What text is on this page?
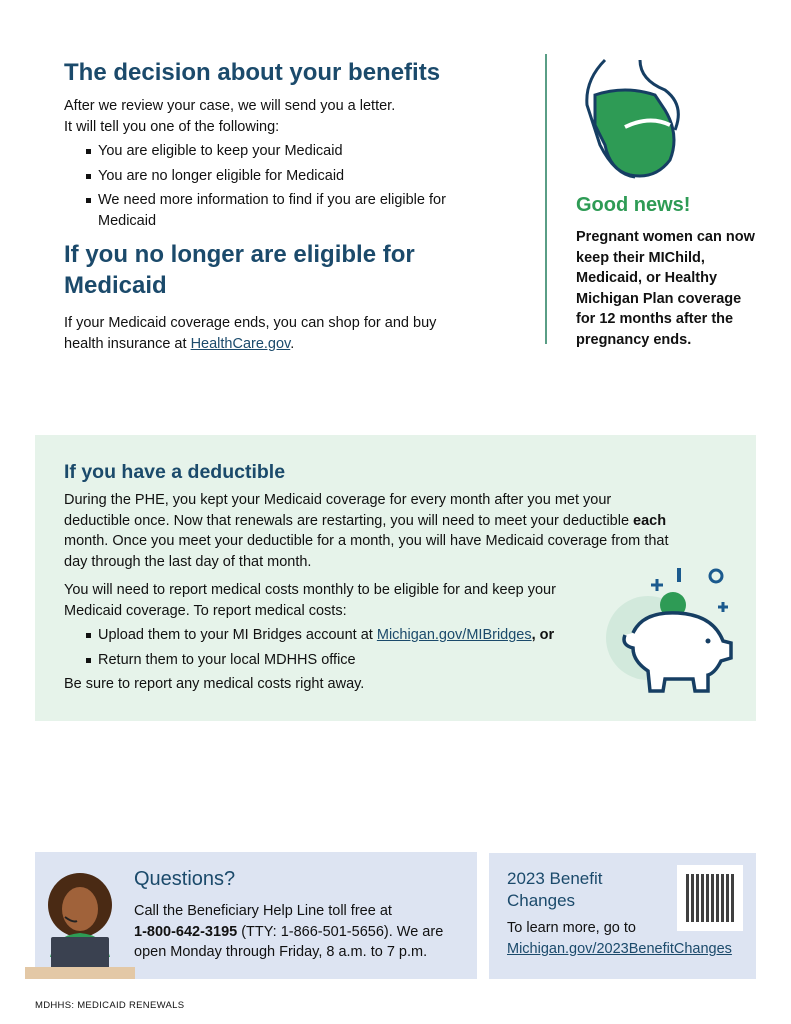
The decision about your benefits

After we review your case, we will send you a letter.

It will tell you one of the following:

You are eligible to keep your Medicaid
You are no longer eligible for Medicaid
We need more information to find if you are eligible for Medicaid
If you no longer are eligible for Medicaid

If your Medicaid coverage ends, you can shop for and buy health insurance at HealthCare.gov.

Good news!
Pregnant women can now keep their MIChild, Medicaid, or Healthy Michigan Plan coverage for 12 months after the pregnancy ends.
If you have a deductible

During the PHE, you kept your Medicaid coverage for every month after you met your deductible once. Now that renewals are restarting, you will need to meet your deductible each month. Once you meet your deductible for a month, you will have Medicaid coverage from that day through the last day of that month.

You will need to report medical costs monthly to be eligible for and keep your Medicaid coverage. To report medical costs:

Upload them to your MI Bridges account at Michigan.gov/MIBridges, or
Return them to your local MDHHS office

Be sure to report any medical costs right away.

Questions?

Call the Beneficiary Help Line toll free at

1-800-642-3195 (TTY: 1-866-501-5656). We are open Monday through Friday, 8 a.m. to 7 p.m.

2023 Benefit Changes
To learn more, go to
Michigan.gov/2023BenefitChanges
MDHHS: MEDICAID RENEWALS
